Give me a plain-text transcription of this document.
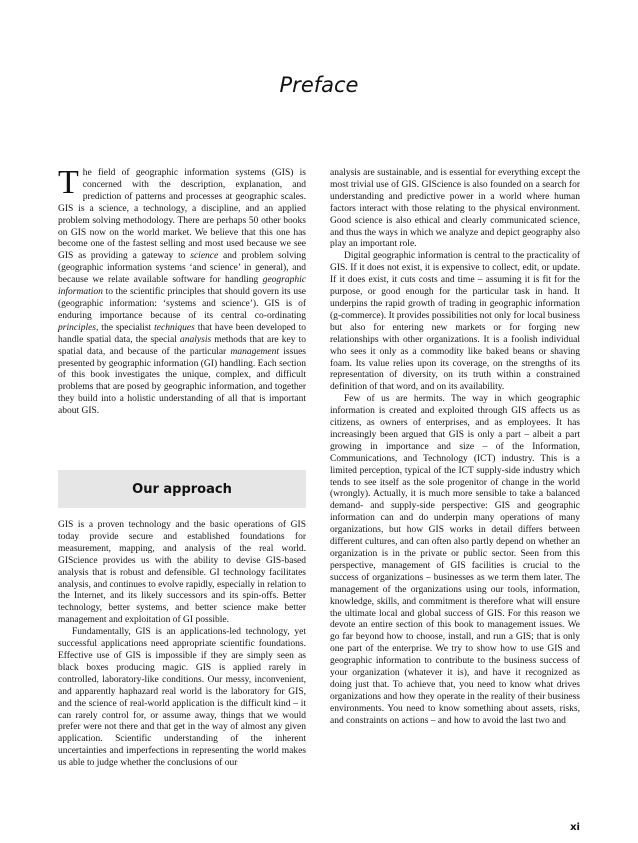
Preface

The field of geographic information systems (GIS) is concerned with the description, explanation, and prediction of patterns and processes at geographic scales. GIS is a science, a technology, a discipline, and an applied problem solving methodology. There are perhaps 50 other books on GIS now on the world market. We believe that this one has become one of the fastest selling and most used because we see GIS as providing a gateway to science and problem solving (geographic information systems ‘and science’ in general), and because we relate available software for handling geographic information to the scientific principles that should govern its use (geographic information: ‘systems and science’). GIS is of enduring importance because of its central co-ordinating principles, the specialist techniques that have been developed to handle spatial data, the special analysis methods that are key to spatial data, and because of the particular management issues presented by geographic information (GI) handling. Each section of this book investigates the unique, complex, and difficult problems that are posed by geographic information, and together they build into a holistic understanding of all that is important about GIS.

Our approach

GIS is a proven technology and the basic operations of GIS today provide secure and established foundations for measurement, mapping, and analysis of the real world. GIScience provides us with the ability to devise GIS-based analysis that is robust and defensible. GI technology facilitates analysis, and continues to evolve rapidly, especially in relation to the Internet, and its likely successors and its spin-offs. Better technology, better systems, and better science make better management and exploitation of GI possible.

Fundamentally, GIS is an applications-led technology, yet successful applications need appropriate scientific foundations. Effective use of GIS is impossible if they are simply seen as black boxes producing magic. GIS is applied rarely in controlled, laboratory-like conditions. Our messy, inconvenient, and apparently haphazard real world is the laboratory for GIS, and the science of real-world application is the difficult kind – it can rarely control for, or assume away, things that we would prefer were not there and that get in the way of almost any given application. Scientific understanding of the inherent uncertainties and imperfections in representing the world makes us able to judge whether the conclusions of our

analysis are sustainable, and is essential for everything except the most trivial use of GIS. GIScience is also founded on a search for understanding and predictive power in a world where human factors interact with those relating to the physical environment. Good science is also ethical and clearly communicated science, and thus the ways in which we analyze and depict geography also play an important role.

Digital geographic information is central to the practicality of GIS. If it does not exist, it is expensive to collect, edit, or update. If it does exist, it cuts costs and time – assuming it is fit for the purpose, or good enough for the particular task in hand. It underpins the rapid growth of trading in geographic information (g-commerce). It provides possibilities not only for local business but also for entering new markets or for forging new relationships with other organizations. It is a foolish individual who sees it only as a commodity like baked beans or shaving foam. Its value relies upon its coverage, on the strengths of its representation of diversity, on its truth within a constrained definition of that word, and on its availability.

Few of us are hermits. The way in which geographic information is created and exploited through GIS affects us as citizens, as owners of enterprises, and as employees. It has increasingly been argued that GIS is only a part – albeit a part growing in importance and size – of the Information, Communications, and Technology (ICT) industry. This is a limited perception, typical of the ICT supply-side industry which tends to see itself as the sole progenitor of change in the world (wrongly). Actually, it is much more sensible to take a balanced demand- and supply-side perspective: GIS and geographic information can and do underpin many operations of many organizations, but how GIS works in detail differs between different cultures, and can often also partly depend on whether an organization is in the private or public sector. Seen from this perspective, management of GIS facilities is crucial to the success of organizations – businesses as we term them later. The management of the organizations using our tools, information, knowledge, skills, and commitment is therefore what will ensure the ultimate local and global success of GIS. For this reason we devote an entire section of this book to management issues. We go far beyond how to choose, install, and run a GIS; that is only one part of the enterprise. We try to show how to use GIS and geographic information to contribute to the business success of your organization (whatever it is), and have it recognized as doing just that. To achieve that, you need to know what drives organizations and how they operate in the reality of their business environments. You need to know something about assets, risks, and constraints on actions – and how to avoid the last two and

xi
